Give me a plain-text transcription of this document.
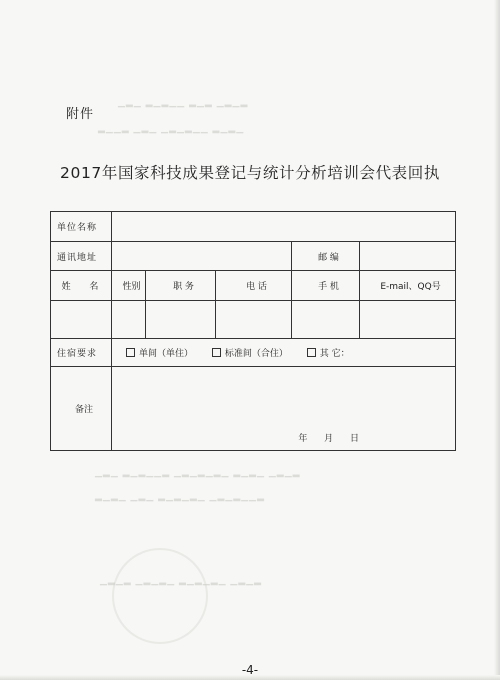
▁▂▁ ▂▁▂▁▁ ▂▁▂ ▁▂▁▂
▂▁▁▂ ▁▂▁ ▁▂▁▂▁▁ ▂▁▂▁
▁▂▁ ▂▁▂▁▁▂ ▁▂▁▂▁▂▁ ▂▁▂▁ ▁▂▁▂
▂▁▂▁ ▁▂▁ ▂▁▂▁▂▁ ▁▂▁▂▁▁▂
▁▂▁▂ ▁▂▁▂▁ ▂▁▂▁▂▁ ▁▂▁▂
附件
2017年国家科技成果登记与统计分析培训会代表回执
单位名称					
通讯地址				邮 编	
姓 名	性别	职 务	电 话	手 机	E-mail、QQ号

住宿要求	单间（单住） 标准间（合住） 其 它：				
备注	年 月 日				
-4-
